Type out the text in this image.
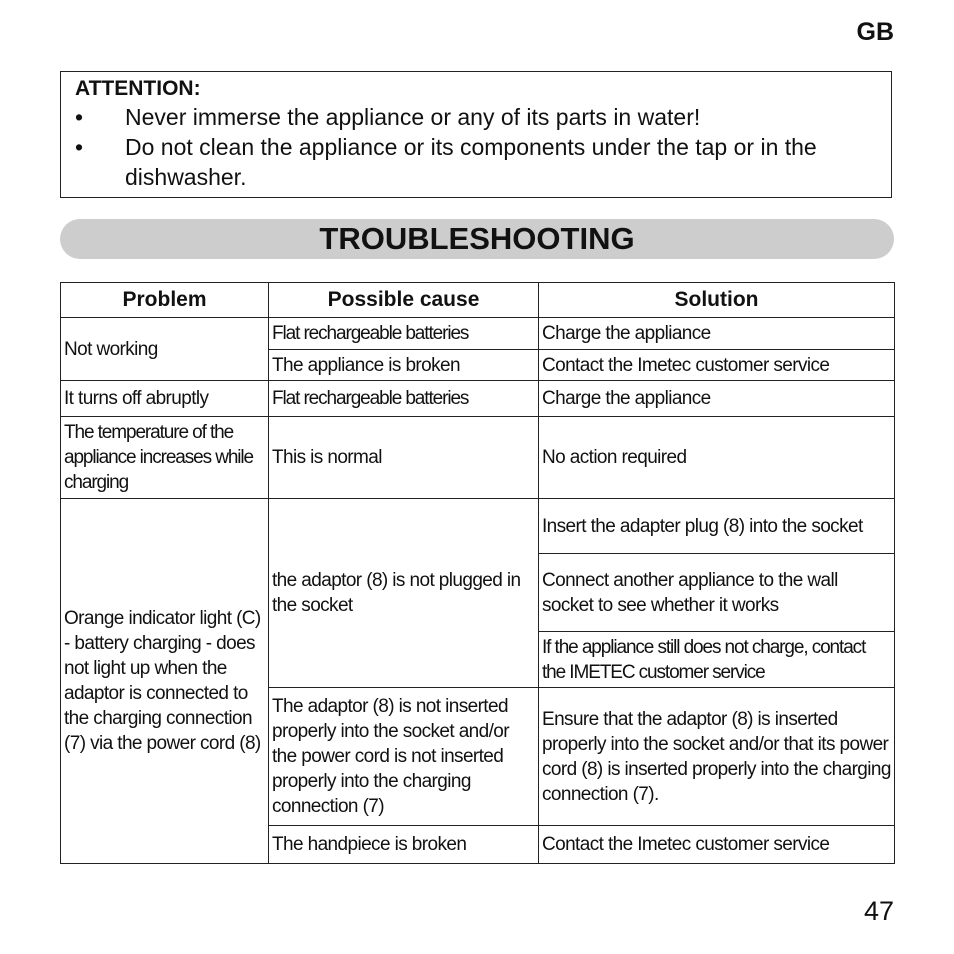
GB
ATTENTION:
•	Never immerse the appliance or any of its parts in water!
•	Do not clean the appliance or its components under the tap or in the dishwasher.
TROUBLESHOOTING
Problem	Possible cause	Solution
Not working	Flat rechargeable batteries	Charge the appliance
	The appliance is broken	Contact the Imetec customer service
It turns off abruptly	Flat rechargeable batteries	Charge the appliance
The temperature of the appliance increases while charging	This is normal	No action required
Orange indicator light (C) - battery charging - does not light up when the adaptor is connected to the charging connection (7) via the power cord (8)	the adaptor (8) is not plugged in the socket	Insert the adapter plug (8) into the socket
		Connect another appliance to the wall socket to see whether it works
		If the appliance still does not charge, contact the IMETEC customer service
	The adaptor (8) is not inserted properly into the socket and/or the power cord is not inserted properly into the charging connection (7)	Ensure that the adaptor (8) is inserted properly into the socket and/or that its power cord (8) is inserted properly into the charging connection (7).
	The handpiece is broken	Contact the Imetec customer service
47
